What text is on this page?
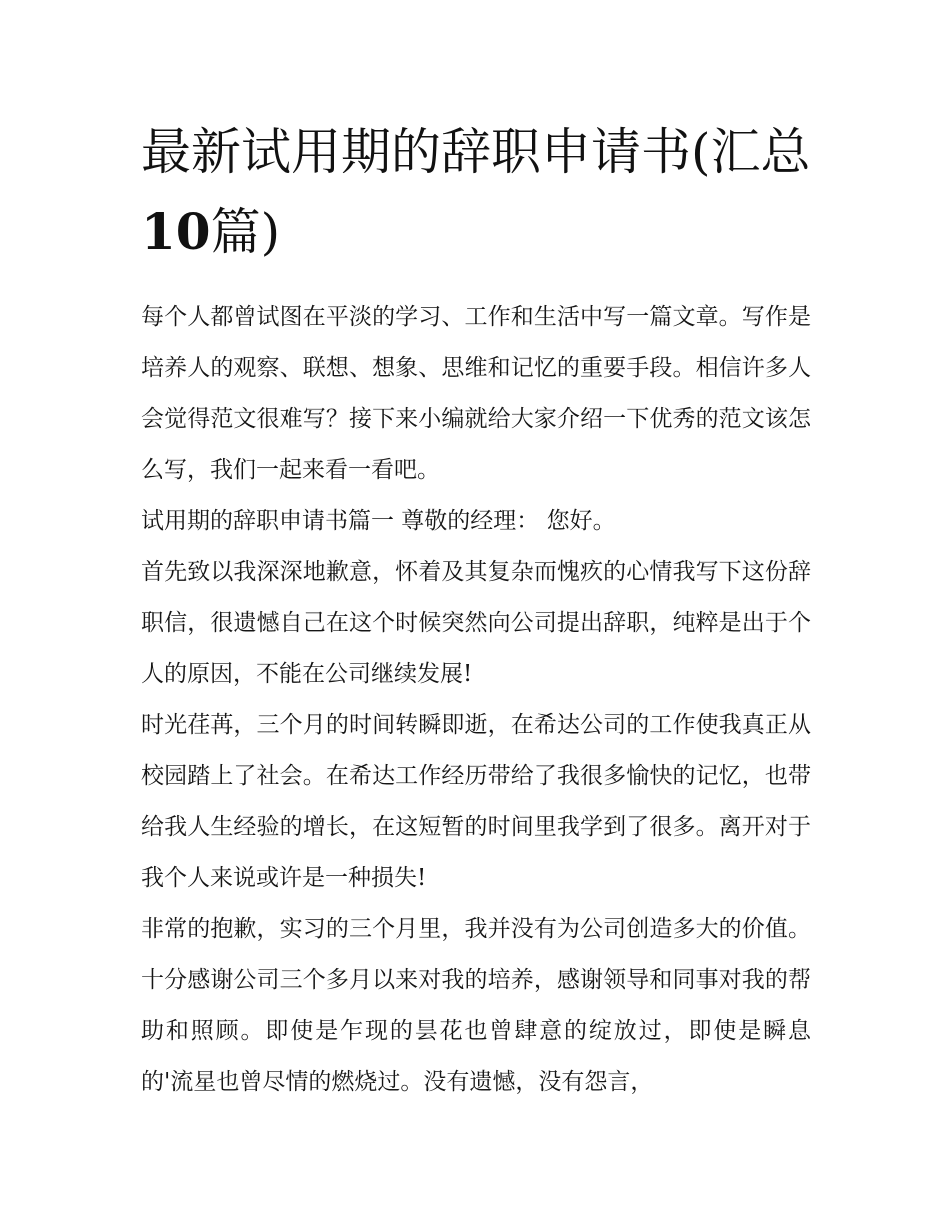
最新试用期的辞职申请书(汇总10篇)

每个人都曾试图在平淡的学习、工作和生活中写一篇文章。写作是培养人的观察、联想、想象、思维和记忆的重要手段。相信许多人会觉得范文很难写？接下来小编就给大家介绍一下优秀的范文该怎么写，我们一起来看一看吧。

试用期的辞职申请书篇一 尊敬的经理： 您好。

首先致以我深深地歉意，怀着及其复杂而愧疚的心情我写下这份辞职信，很遗憾自己在这个时候突然向公司提出辞职，纯粹是出于个人的原因，不能在公司继续发展!

时光荏苒，三个月的时间转瞬即逝，在希达公司的工作使我真正从校园踏上了社会。在希达工作经历带给了我很多愉快的记忆，也带给我人生经验的增长，在这短暂的时间里我学到了很多。离开对于我个人来说或许是一种损失!

非常的抱歉，实习的三个月里，我并没有为公司创造多大的价值。十分感谢公司三个多月以来对我的培养，感谢领导和同事对我的帮助和照顾。即使是乍现的昙花也曾肆意的绽放过，即使是瞬息的'流星也曾尽情的燃烧过。没有遗憾，没有怨言，
